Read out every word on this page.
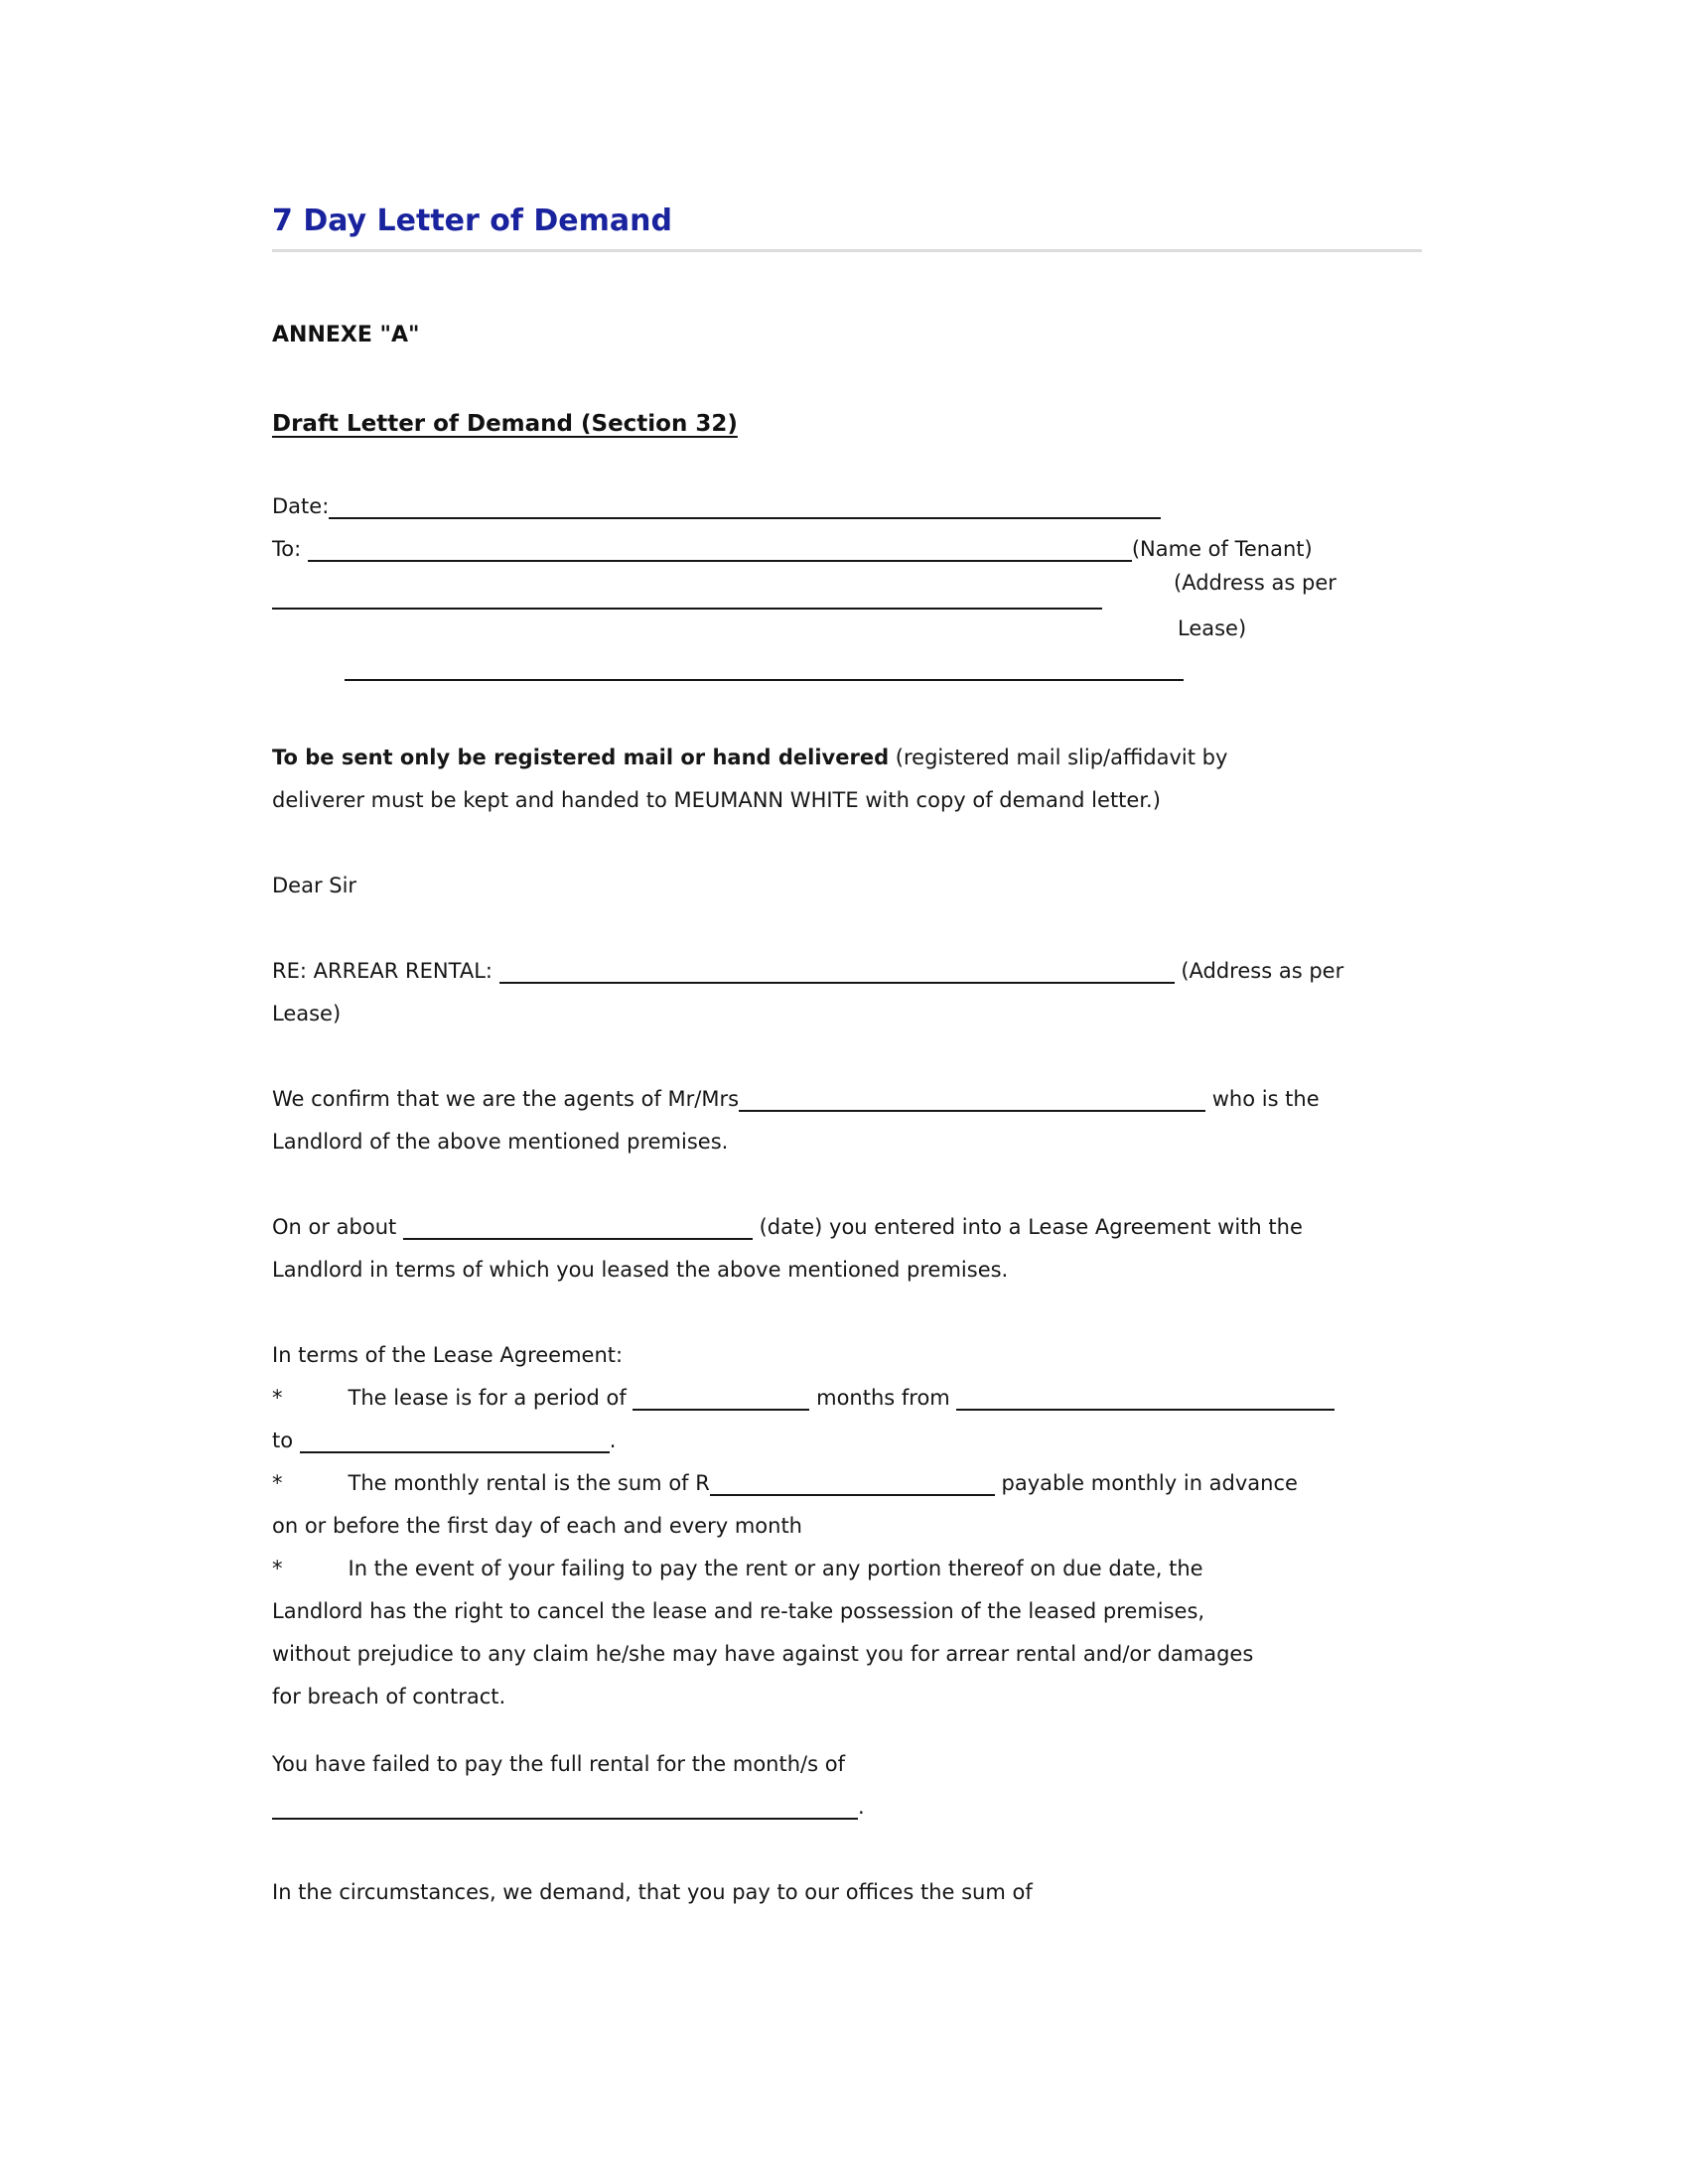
7 Day Letter of Demand

ANNEXE "A"

Draft Letter of Demand (Section 32)

Date:
To:	(Name of Tenant)
(Address as per
Lease)

To be sent only be registered mail or hand delivered (registered mail slip/affidavit by
deliverer must be kept and handed to MEUMANN WHITE with copy of demand letter.)

Dear Sir

RE: ARREAR RENTAL:	(Address as per
Lease)

We confirm that we are the agents of Mr/Mrs	who is the
Landlord of the above mentioned premises.

On or about	(date) you entered into a Lease Agreement with the
Landlord in terms of which you leased the above mentioned premises.

In terms of the Lease Agreement:

*	The lease is for a period of	months from
to	.

*	The monthly rental is the sum of R	payable monthly in advance
on or before the first day of each and every month

*	In the event of your failing to pay the rent or any portion thereof on due date, the
Landlord has the right to cancel the lease and re-take possession of the leased premises,
without prejudice to any claim he/she may have against you for arrear rental and/or damages
for breach of contract.

You have failed to pay the full rental for the month/s of
.

In the circumstances, we demand, that you pay to our offices the sum of
